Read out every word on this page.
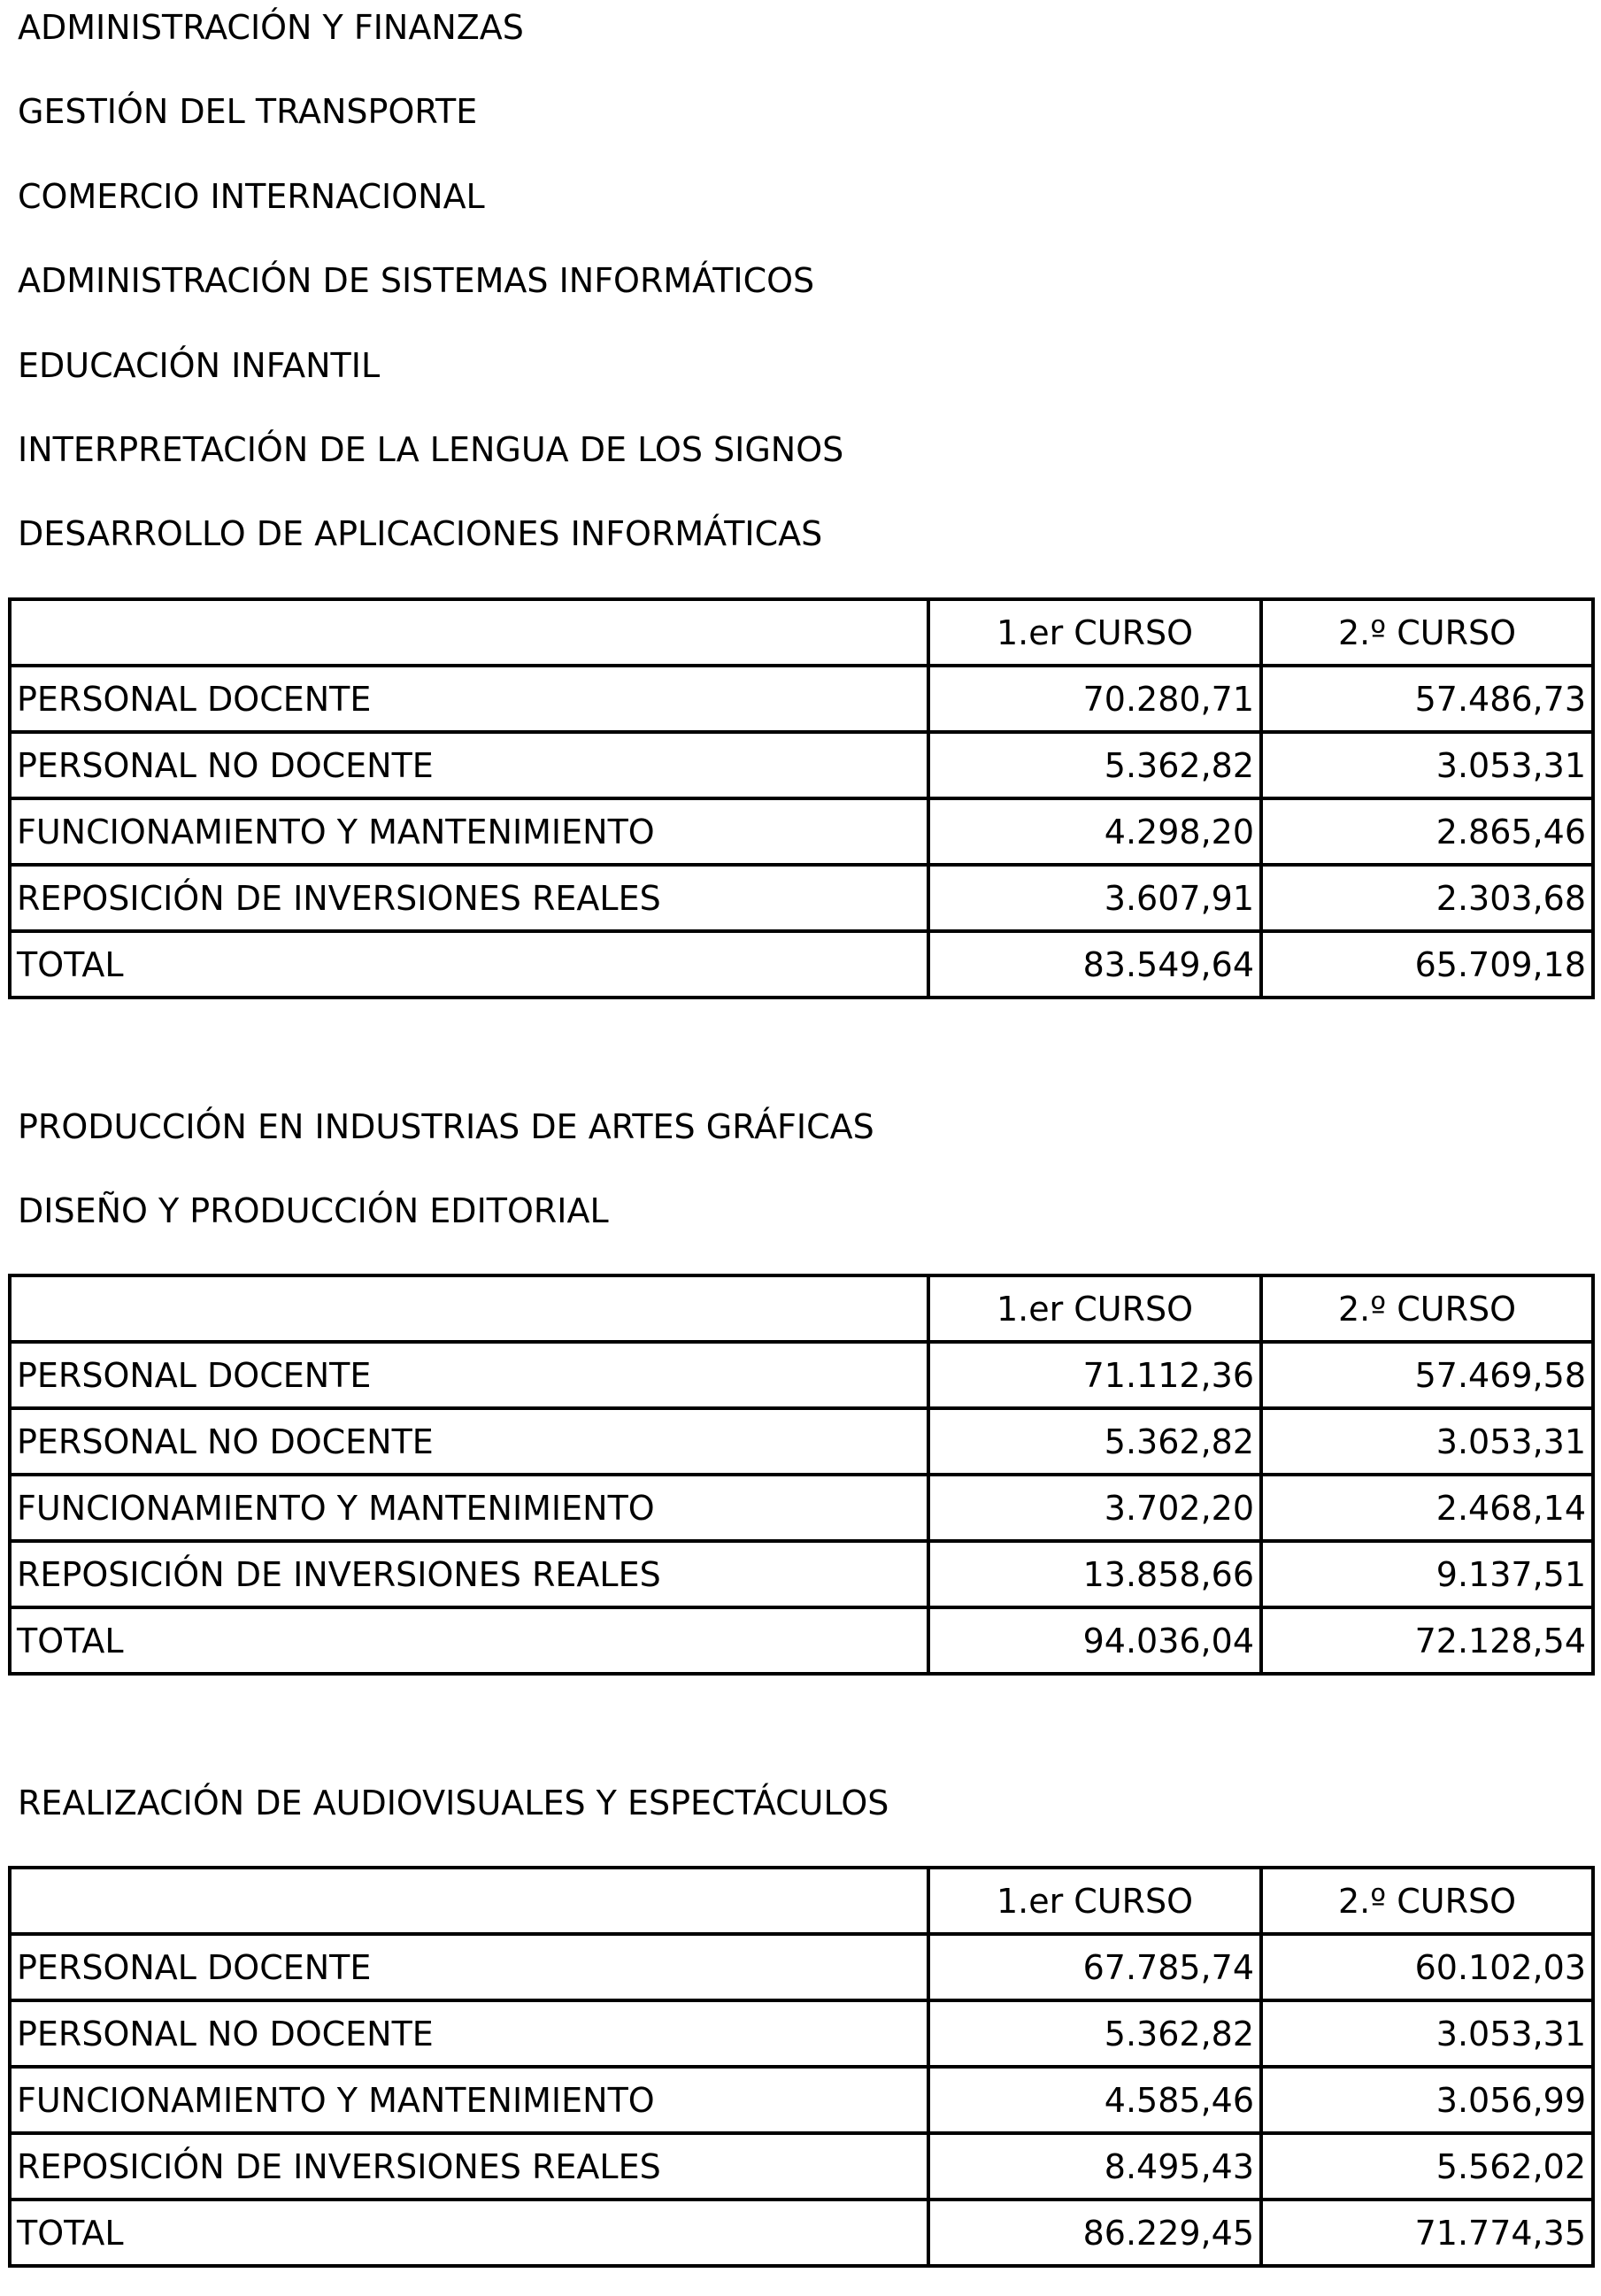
ADMINISTRACIÓN Y FINANZAS
GESTIÓN DEL TRANSPORTE
COMERCIO INTERNACIONAL
ADMINISTRACIÓN DE SISTEMAS INFORMÁTICOS
EDUCACIÓN INFANTIL
INTERPRETACIÓN DE LA LENGUA DE LOS SIGNOS
DESARROLLO DE APLICACIONES INFORMÁTICAS
	1.er CURSO	2.º CURSO
PERSONAL DOCENTE	70.280,71	57.486,73
PERSONAL NO DOCENTE	5.362,82	3.053,31
FUNCIONAMIENTO Y MANTENIMIENTO	4.298,20	2.865,46
REPOSICIÓN DE INVERSIONES REALES	3.607,91	2.303,68
TOTAL	83.549,64	65.709,18
PRODUCCIÓN EN INDUSTRIAS DE ARTES GRÁFICAS
DISEÑO Y PRODUCCIÓN EDITORIAL
	1.er CURSO	2.º CURSO
PERSONAL DOCENTE	71.112,36	57.469,58
PERSONAL NO DOCENTE	5.362,82	3.053,31
FUNCIONAMIENTO Y MANTENIMIENTO	3.702,20	2.468,14
REPOSICIÓN DE INVERSIONES REALES	13.858,66	9.137,51
TOTAL	94.036,04	72.128,54
REALIZACIÓN DE AUDIOVISUALES Y ESPECTÁCULOS
	1.er CURSO	2.º CURSO
PERSONAL DOCENTE	67.785,74	60.102,03
PERSONAL NO DOCENTE	5.362,82	3.053,31
FUNCIONAMIENTO Y MANTENIMIENTO	4.585,46	3.056,99
REPOSICIÓN DE INVERSIONES REALES	8.495,43	5.562,02
TOTAL	86.229,45	71.774,35
